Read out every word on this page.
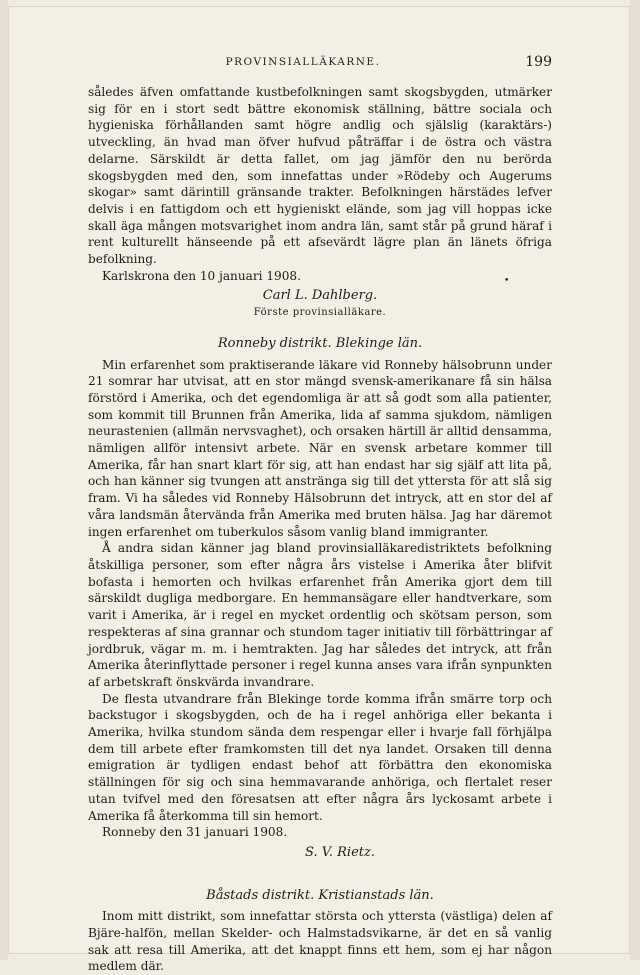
PROVINSIALLÄKARNE.	199
•

således äfven omfattande kustbefolkningen samt skogsbygden, utmärker sig för en i stort sedt bättre ekonomisk ställning, bättre sociala och hygieniska förhållanden samt högre andlig och själslig (karaktärs-) utveckling, än hvad man öfver hufvud påträffar i de östra och västra delarne. Särskildt är detta fallet, om jag jämför den nu berörda skogsbygden med den, som innefattas under »Rödeby och Augerums skogar» samt därintill gränsande trakter. Befolkningen härstädes lefver delvis i en fattigdom och ett hygieniskt elände, som jag vill hoppas icke skall äga mången motsvarighet inom andra län, samt står på grund häraf i rent kulturellt hänseende på ett afsevärdt lägre plan än länets öfriga befolkning.

Karlskrona den 10 januari 1908.

Carl L. Dahlberg.
Förste provinsialläkare.
Ronneby distrikt. Blekinge län.

Min erfarenhet som praktiserande läkare vid Ronneby hälsobrunn under 21 somrar har utvisat, att en stor mängd svensk-amerikanare få sin hälsa förstörd i Amerika, och det egendomliga är att så godt som alla patienter, som kommit till Brunnen från Amerika, lida af samma sjukdom, nämligen neurastenien (allmän nervsvaghet), och orsaken härtill är alltid densamma, nämligen allför intensivt arbete. När en svensk arbetare kommer till Amerika, får han snart klart för sig, att han endast har sig själf att lita på, och han känner sig tvungen att anstränga sig till det yttersta för att slå sig fram. Vi ha således vid Ronneby Hälsobrunn det intryck, att en stor del af våra landsmän återvända från Amerika med bruten hälsa. Jag har däremot ingen erfarenhet om tuberkulos såsom vanlig bland immigranter.

Å andra sidan känner jag bland provinsialläkaredistriktets befolkning åtskilliga personer, som efter några års vistelse i Amerika åter blifvit bofasta i hemorten och hvilkas erfarenhet från Amerika gjort dem till särskildt dugliga medborgare. En hemmansägare eller handtverkare, som varit i Amerika, är i regel en mycket ordentlig och skötsam person, som respekteras af sina grannar och stundom tager initiativ till förbättringar af jordbruk, vägar m. m. i hemtrakten. Jag har således det intryck, att från Amerika återinflyttade personer i regel kunna anses vara ifrån synpunkten af arbetskraft önskvärda invandrare.

De flesta utvandrare från Blekinge torde komma ifrån smärre torp och backstugor i skogsbygden, och de ha i regel anhöriga eller bekanta i Amerika, hvilka stundom sända dem respengar eller i hvarje fall förhjälpa dem till arbete efter framkomsten till det nya landet. Orsaken till denna emigration är tydligen endast behof att förbättra den ekonomiska ställningen för sig och sina hemmavarande anhöriga, och flertalet reser utan tvifvel med den föresatsen att efter några års lyckosamt arbete i Amerika få återkomma till sin hemort.

Ronneby den 31 januari 1908.

S. V. Rietz.
Båstads distrikt. Kristianstads län.

Inom mitt distrikt, som innefattar största och yttersta (västliga) delen af Bjäre-halfön, mellan Skelder- och Halmstadsvikarne, är det en så vanlig sak att resa till Amerika, att det knappt finns ett hem, som ej har någon medlem där.
